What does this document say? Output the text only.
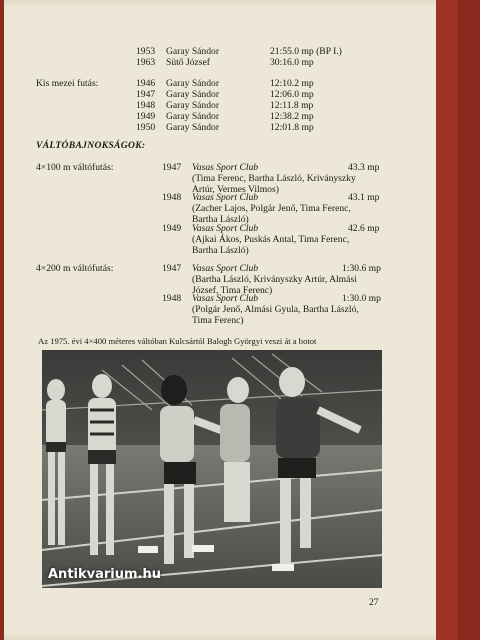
1953 Garay Sándor	21:55.0 mp (BP I.)
1963 Sütő József	30:16.0 mp
Kis mezei futás:	1946 Garay Sándor	12:10.2 mp
1947 Garay Sándor	12:06.0 mp
1948 Garay Sándor	12:11.8 mp
1949 Garay Sándor	12:38.2 mp
1950 Garay Sándor	12:01.8 mp
VÁLTÓBAJNOKSÁGOK:
4×100 m váltófutás:	1947 Vasas Sport Club	43.3 mp
(Tima Ferenc, Bartha László, Kriványszky
Artúr, Vermes Vilmos)
1948 Vasas Sport Club	43.1 mp
(Zacher Lajos, Polgár Jenő, Tima Ferenc,
Bartha László)
1949 Vasas Sport Club	42.6 mp
(Ajkai Ákos, Puskás Antal, Tima Ferenc,
Bartha László)
4×200 m váltófutás:	1947 Vasas Sport Club	1:30.6 mp
(Bartha László, Kriványszky Artúr, Almási
József, Tima Ferenc)
1948 Vasas Sport Club	1:30.0 mp
(Polgár Jenő, Almási Gyula, Bartha László,
Tima Ferenc)
Az 1975. évi 4×400 méteres váltóban Kulcsártól Balogh Györgyi veszi át a botot
Antikvarium.hu
27
